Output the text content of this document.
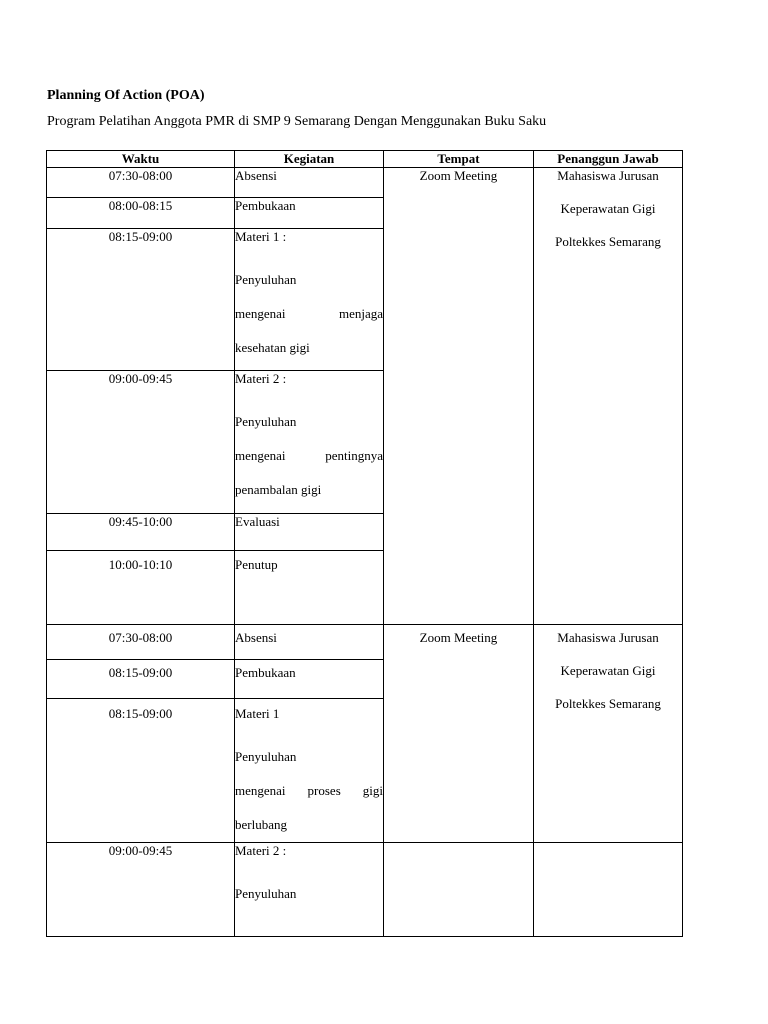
Planning Of Action (POA)
Program Pelatihan Anggota PMR di SMP 9 Semarang Dengan Menggunakan Buku Saku
Waktu	Kegiatan	Tempat	Penanggun Jawab
07:30-08:00	Absensi	Zoom Meeting	Mahasiswa Jurusan
Keperawatan Gigi
Poltekkes Semarang

08:00-08:15	Pembukaan		
08:15-09:00	Materi 1 :
Penyuluhan
mengenai menjaga
kesehatan gigi		

09:00-09:45	Materi 2 :
Penyuluhan
mengenai pentingnya
penambalan gigi		

09:45-10:00	Evaluasi		
10:00-10:10	Penutup		
07:30-08:00	Absensi	Zoom Meeting	Mahasiswa Jurusan
Keperawatan Gigi
Poltekkes Semarang

08:15-09:00	Pembukaan		
08:15-09:00	Materi 1
Penyuluhan
mengenai proses gigi
berlubang		

09:00-09:45	Materi 2 :
Penyuluhan		
